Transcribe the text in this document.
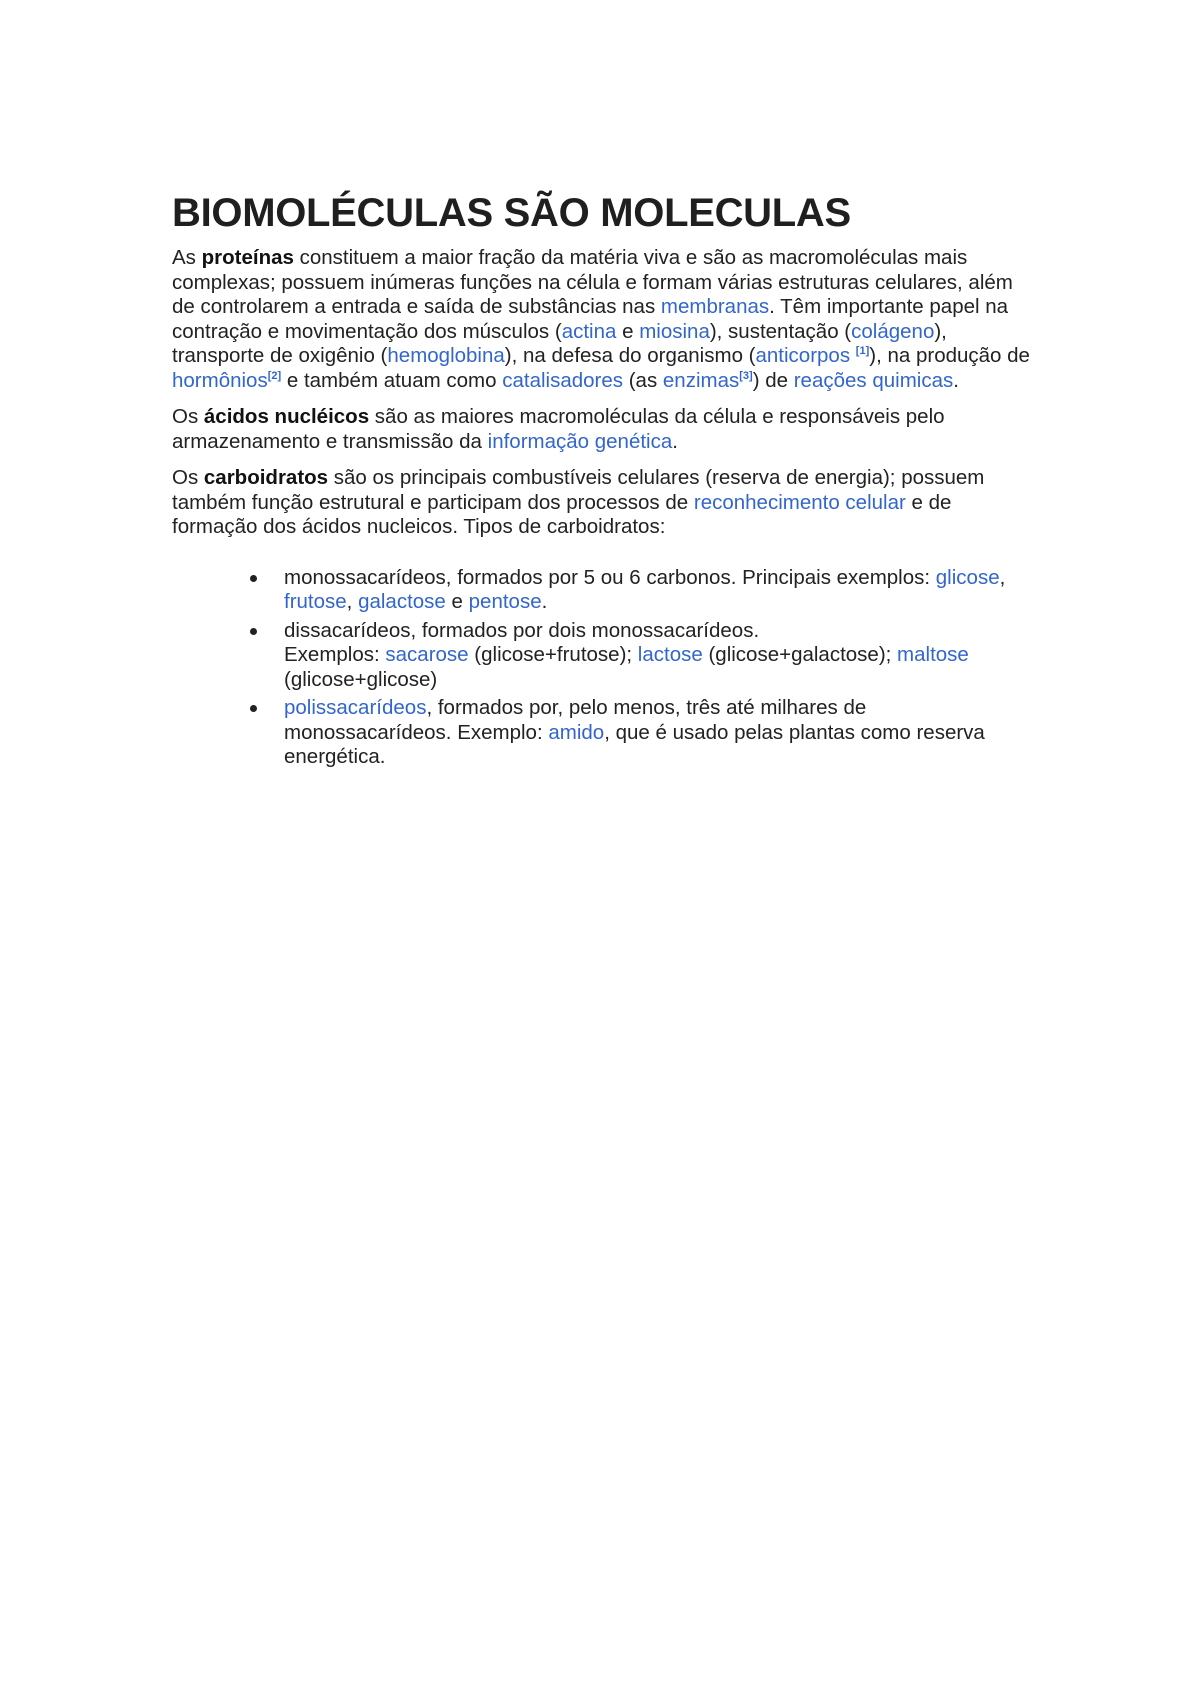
BIOMOLÉCULAS SÃO MOLECULAS

As proteínas constituem a maior fração da matéria viva e são as macromoléculas mais complexas; possuem inúmeras funções na célula e formam várias estruturas celulares, além de controlarem a entrada e saída de substâncias nas membranas. Têm importante papel na contração e movimentação dos músculos (actina e miosina), sustentação (colágeno), transporte de oxigênio (hemoglobina), na defesa do organismo (anticorpos [1]), na produção de hormônios[2] e também atuam como catalisadores (as enzimas[3]) de reações quimicas.

Os ácidos nucléicos são as maiores macromoléculas da célula e responsáveis pelo armazenamento e transmissão da informação genética.

Os carboidratos são os principais combustíveis celulares (reserva de energia); possuem também função estrutural e participam dos processos de reconhecimento celular e de formação dos ácidos nucleicos. Tipos de carboidratos:

monossacarídeos, formados por 5 ou 6 carbonos. Principais exemplos: glicose, frutose, galactose e pentose.
dissacarídeos, formados por dois monossacarídeos.
Exemplos: sacarose (glicose+frutose); lactose (glicose+galactose); maltose (glicose+glicose)
polissacarídeos, formados por, pelo menos, três até milhares de monossacarídeos. Exemplo: amido, que é usado pelas plantas como reserva energética.
